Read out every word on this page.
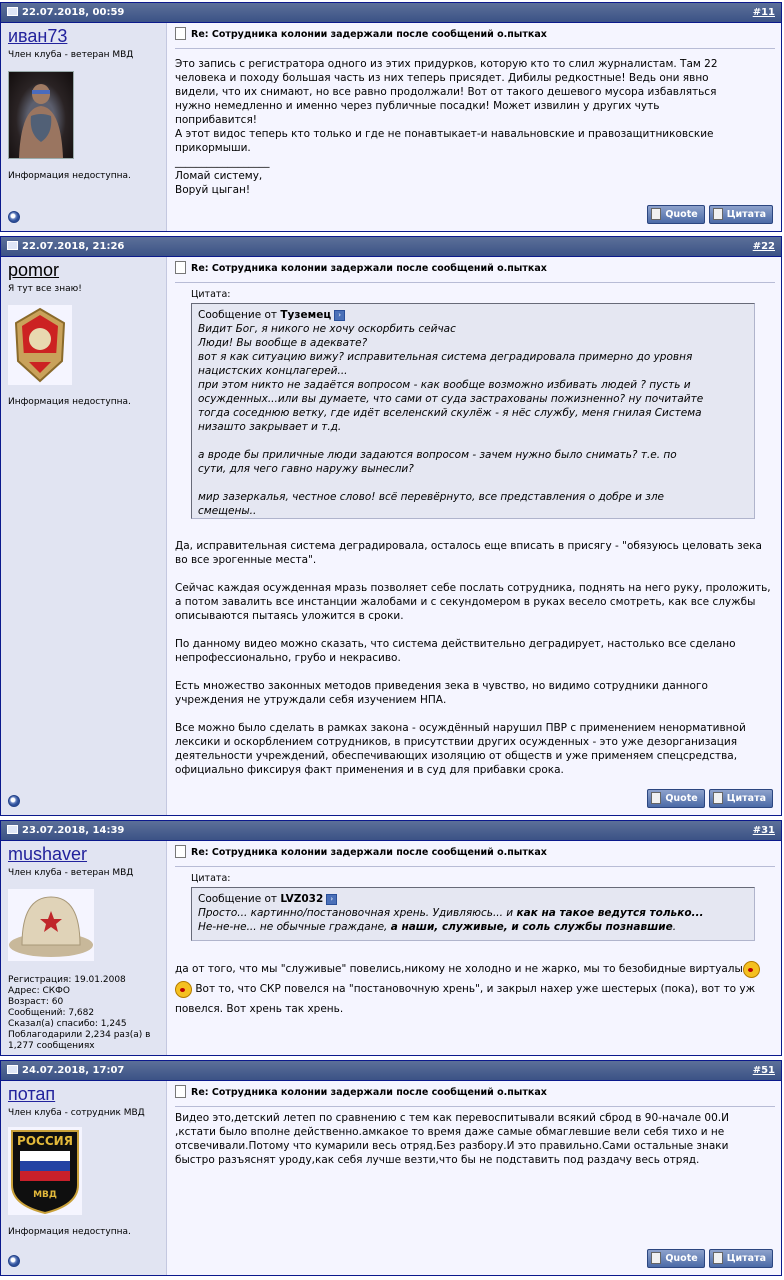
22.07.2018, 00:59	#11
иван73
Член клуба - ветеран МВД
Информация недоступна.
Re: Сотрудника колонии задержали после сообщений о.пытках
Это запись с регистратора одного из этих придурков, которую кто то слил журналистам. Там 22
человека и походу большая часть из них теперь присядет. Дибилы редкостные! Ведь они явно
видели, что их снимают, но все равно продолжали! Вот от такого дешевого мусора избавляться
нужно немедленно и именно через публичные посадки! Может извилин у других чуть
поприбавится!
А этот видос теперь кто только и где не понавтыкает-и навальновские и правозащитниковские
прикормыши.
__________________
Ломай систему,
Воруй цыган!
Quote	Цитата
22.07.2018, 21:26	#22
pomor
Я тут все знаю!
Информация недоступна.
Re: Сотрудника колонии задержали после сообщений о.пытках
Цитата:
Сообщение от Туземец ›
Видит Бог, я никого не хочу оскорбить сейчас
Люди! Вы вообще в адеквате?
вот я как ситуацию вижу? исправительная система деградировала примерно до уровня
нацистских концлагерей...
при этом никто не задаётся вопросом - как вообще возможно избивать людей ? пусть и
осужденных...или вы думаете, что сами от суда застрахованы пожизненно? ну почитайте
тогда соседнюю ветку, где идёт вселенский скулёж - я нёс службу, меня гнилая Система
низашто закрывает и т.д.
а вроде бы приличные люди задаются вопросом - зачем нужно было снимать? т.е. по
сути, для чего гавно наружу вынесли?
мир зазеркалья, честное слово! всё перевёрнуто, все представления о добре и зле
смещены..

Да, исправительная система деградировала, осталось еще вписать в присягу - "обязуюсь целовать зека во все эрогенные места".

Сейчас каждая осужденная мразь позволяет себе послать сотрудника, поднять на него руку, проложить, а потом завалить все инстанции жалобами и с секундомером в руках весело смотреть, как все службы описываются пытаясь уложится в сроки.

По данному видео можно сказать, что система действительно деградирует, настолько все сделано непрофессионально, грубо и некрасиво.

Есть множество законных методов приведения зека в чувство, но видимо сотрудники данного учреждения не утруждали себя изучением НПА.

Все можно было сделать в рамках закона - осуждённый нарушил ПВР с применением ненормативной лексики и оскорблением сотрудников, в присутствии других осужденных - это уже дезорганизация деятельности учреждений, обеспечивающих изоляцию от обществ и уже применяем спецсредства, официально фиксируя факт применения и в суд для прибавки срока.

Quote	Цитата
23.07.2018, 14:39	#31
mushaver
Член клуба - ветеран МВД
Регистрация: 19.01.2008
Адрес: СКФО
Возраст: 60
Сообщений: 7,682
Сказал(а) спасибо: 1,245
Поблагодарили 2,234 раз(а) в
1,277 сообщениях
Re: Сотрудника колонии задержали после сообщений о.пытках
Цитата:
Сообщение от LVZ032 ›
Просто... картинно/постановочная хрень. Удивляюсь... и как на такое ведутся только...
Не-не-не... не обычные граждане, а наши, служивые, и соль службы познавшие.
да от того, что мы "служивые" повелись,никому не холодно и не жарко, мы то безобидные виртуалы Вот то, что СКР повелся на "постановочную хрень", и закрыл нахер уже шестерых (пока), вот то уж повелся. Вот хрень так хрень.
24.07.2018, 17:07	#51
потап
Член клуба - сотрудник МВД
РОССИЯ
МВД
Информация недоступна.
Re: Сотрудника колонии задержали после сообщений о.пытках
Видео это,детский летеп по сравнению с тем как перевоспитывали всякий сброд в 90-начале 00.И ,кстати было вполне действенно.амкакое то время даже самые обмаглевшие вели себя тихо и не отсвечивали.Потому что кумарили весь отряд.Без разбору.И это правильно.Сами остальные знаки быстро разъяснят уроду,как себя лучше везти,что бы не подставить под раздачу весь отряд.
Quote	Цитата
